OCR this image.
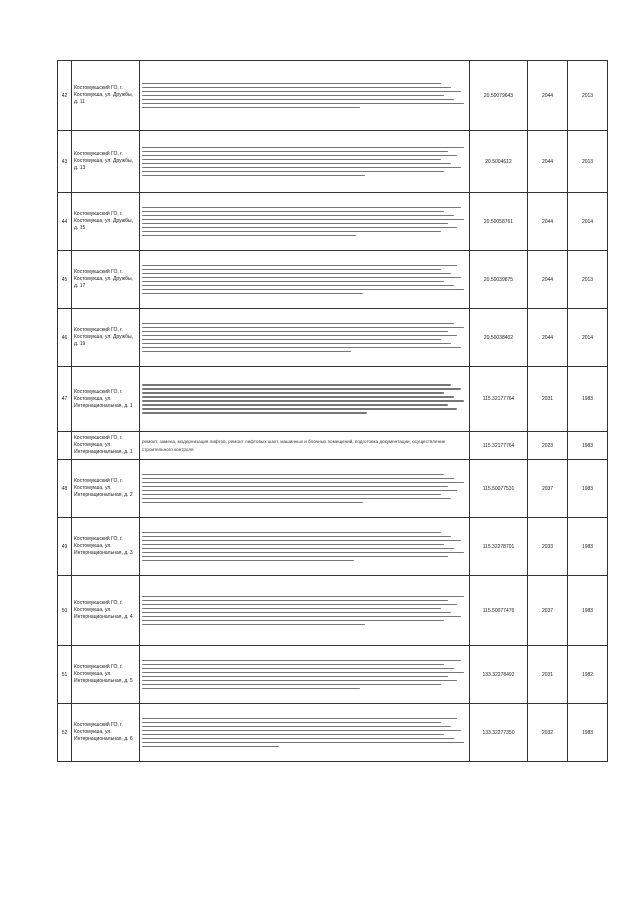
42	Костомукшский ГО, г. Костомукша, ул. Дружбы, д. 11		20.50079643	2044	2013
43	Костомукшский ГО, г. Костомукша, ул. Дружбы, д. 13		20.5004612	2044	2013
44	Костомукшский ГО, г. Костомукша, ул. Дружбы, д. 15		20.50058761	2044	2014
45	Костомукшский ГО, г. Костомукша, ул. Дружбы, д. 17		20.50039875	2044	2013
46	Костомукшский ГО, г. Костомукша, ул. Дружбы, д. 19		20.50038402	2044	2014
47	Костомукшский ГО, г. Костомукша, ул. Интернациональная, д. 1		115.32177764	2031	1983
	Костомукшский ГО, г. Костомукша, ул. Интернациональная, д. 1	ремонт, замена, модернизация лифтов, ремонт лифтовых шахт, машинных и блочных помещений, подготовка документации, осуществление строительного контроля	115.32177764	2023	1983
48	Костомукшский ГО, г. Костомукша, ул. Интернациональная, д. 2		115.50077531	2037	1983
49	Костомукшский ГО, г. Костомукша, ул. Интернациональная, д. 3		115.32278701	2033	1983
50	Костомукшский ГО, г. Костомукша, ул. Интернациональная, д. 4		115.50077476	2037	1983
51	Костомукшский ГО, г. Костомукша, ул. Интернациональная, д. 5		133.32278492	2031	1982
52	Костомукшский ГО, г. Костомукша, ул. Интернациональная, д. 6		133.32277350	2032	1983
